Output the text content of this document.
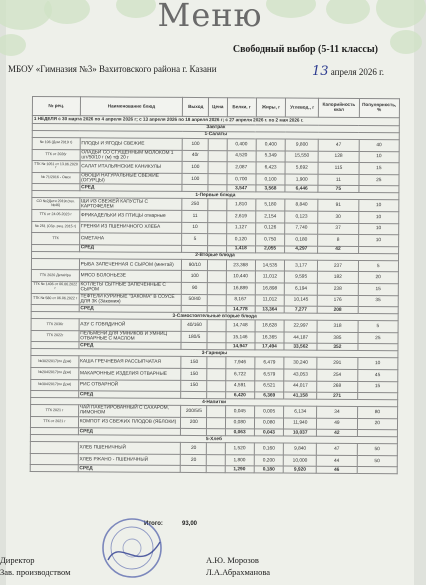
Меню
Свободный выбор (5-11 классы)
МБОУ «Гимназия №3» Вахитовского района г. Казани	13 апреля 2026 г.
№ рец.	Наименование блюд	Выход	Цена	Белки, г	Жиры, г	Углевод., г	Калорийность ккал	Популярность, %
1 НЕДЕЛЯ с 30 марта 2026 по 4 апреля 2026 г; с 13 апреля 2026 по 18 апреля 2026 г; с 27 апреля 2026 г. по 2 мая 2026 г.								
Завтрак								
1-Салаты								
№ 106 (Дом 2019 г)	ПЛОДЫ И ЯГОДЫ СВЕЖИЕ	100		0,400	0,400	9,800	47	40
ТТК от 2026г	ОЛАДЬИ СО СГУЩЕННЫМ МОЛОКОМ 1 шт/50/10 г (м) тф 20 г	40г		4,520	5,349	15,550	128	10
ТТК № 1051 от 13.06.2020 г	САЛАТ ИТАЛЬЯНСКИЕ КАНИКУЛЫ	100		2,087	6,423	5,692	115	15
№ 71/2016 - Омск	ОВОЩИ НАТУРАЛЬНЫЕ СВЕЖИЕ (ОГУРЦЫ)	100		0,700	0,100	1,900	11	25
	СРЕД			3,547	3,568	6,446	75	
1-Первые блюда								
СО №2Дети 2019г.(тех.№46)	ЩИ ИЗ СВЕЖЕЙ КАПУСТЫ С КАРТОФЕЛЕМ	250		1,810	5,180	8,840	91	10
ТТК от 24.05.2023 г	ФРИКАДЕЛЬКИ ИЗ ПТИЦЫ отварные	11		2,619	2,154	0,123	30	10
№ 251 (Сбр. рец. 2015 г)	ГРЕНКИ ИЗ ПШЕНИЧНОГО ХЛЕБА	10		1,127	0,126	7,740	37	10
ТТК	СМЕТАНА	5		0,120	0,750	0,180	8	10
	СРЕД			1,418	2,055	4,297	42	
2-Вторые блюда								
	РЫБА ЗАПЕЧЕННАЯ С СЫРОМ (минтай)	90/10		23,368	14,535	3,177	237	5
ТТК 2020 ДетиИра	МЯСО БОЛОНЬЕЗЕ	100		10,440	11,012	9,595	182	20
ТТК № 1406 от 06.06.2022 г	КОТЛЕТЫ СЫТНЫЕ ЗАПЕЧЕННЫЕ С СЫРОМ	90		16,889	16,898	6,194	238	15
ТТК № 580 от 06.06.2022 г	ТЕФТЕЛИ КУРИНЫЕ "ЗАКОМА" В СОУСЕ ДЛЯ 3К (Закомия)	50/40		8,167	11,012	10,145	176	35
	СРЕД			14,778	13,364	7,277	208	
3-Самостоятельные вторые блюда								
ТТК 2036г	АЗУ С ГОВЯДИНОЙ	40/160		14,748	18,628	22,997	318	5
ТТК 2022г	ПЕЛЬМЕНИ ДЛЯ УМНИКОВ И УМНИЦ ОТВАРНЫЕ С МАСЛОМ	180/5		15,146	16,365	44,187	385	25
	СРЕД			14,947	17,494	33,562	352	
3-Гарниры								
№302/2017(по Дом)	КАША ГРЕЧНЕВАЯ РАССЫПЧАТАЯ	150		7,946	6,479	30,240	291	10
№204/2017(по Дом)	МАКАРОННЫЕ ИЗДЕЛИЯ ОТВАРНЫЕ	150		6,722	6,579	43,053	254	45
№304/2017(по Дом)	РИС ОТВАРНОЙ	150		4,591	6,521	44,017	268	15
	СРЕД			6,420	6,369	41,158	271	
4-Напитки								
ТТК 2021 г	ЧАЙ ПАКЕТИРОВАННЫЙ С САХАРОМ, ЛИМОНОМ	200/5/5		0,045	0,005	6,134	34	80
ТТК от 2021 г	КОМПОТ ИЗ СВЕЖИХ ПЛОДОВ (ЯБЛОКИ)	200		0,080	0,080	11,940	49	20
	СРЕД			0,063	0,043	10,037	42	
5-Хлеб								
	ХЛЕБ ПШЕНИЧНЫЙ	20		1,520	0,160	9,840	47	50
	ХЛЕБ РЖАНО - ПШЕНИЧНЫЙ	20		1,800	0,200	10,000	44	50
	СРЕД			1,290	0,180	9,920	46	
Итого:	93,00
Директор	А.Ю. Морозов
Зав. производством	Л.А.Абрахманова
